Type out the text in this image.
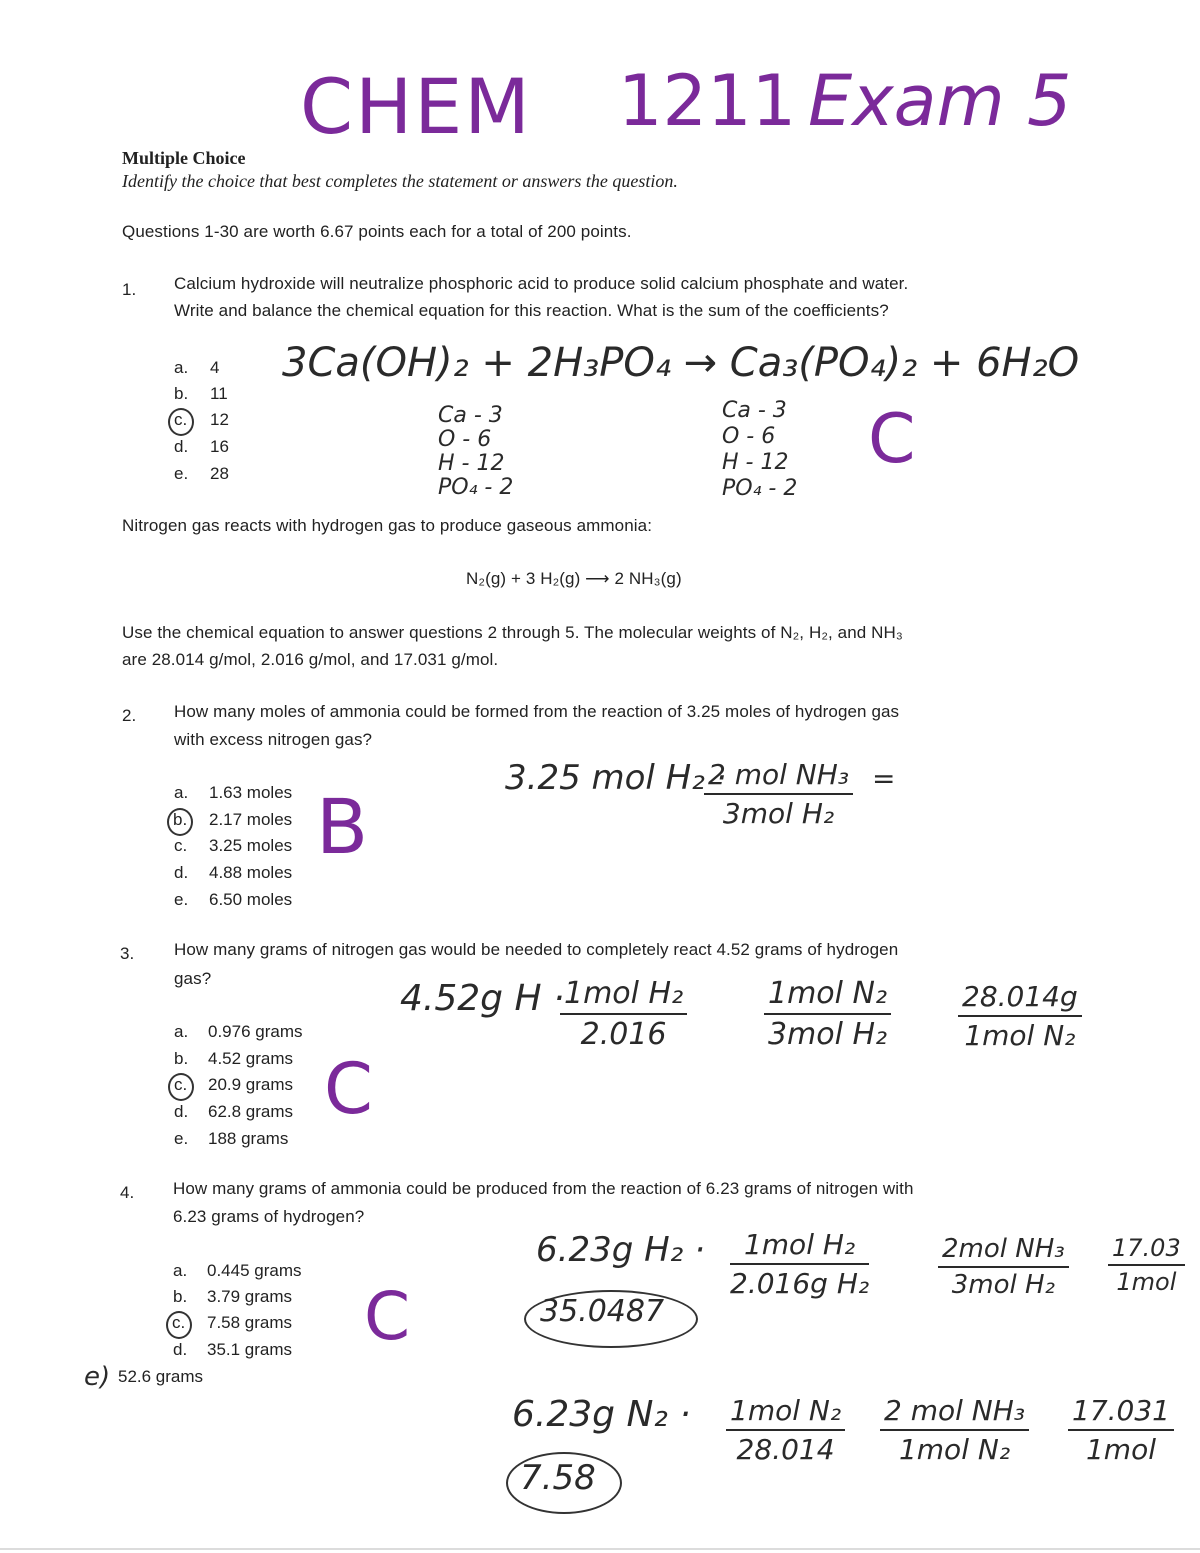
CHEM 1211 Exam 5
Multiple Choice
Identify the choice that best completes the statement or answers the question.
Questions 1-30 are worth 6.67 points each for a total of 200 points.
1. Calcium hydroxide will neutralize phosphoric acid to produce solid calcium phosphate and water.
Write and balance the chemical equation for this reaction. What is the sum of the coefficients?
a. 4
b. 11
c. 12
d. 16
e. 28
3Ca(OH)₂ + 2H₃PO₄ → Ca₃(PO₄)₂ + 6H₂O
Ca - 3
O - 6
H - 12
PO₄ - 2
Ca - 3
O - 6
H - 12
PO₄ - 2
C
Nitrogen gas reacts with hydrogen gas to produce gaseous ammonia:
N₂(g) + 3 H₂(g) ⟶ 2 NH₃(g)
Use the chemical equation to answer questions 2 through 5. The molecular weights of N₂, H₂, and NH₃
are 28.014 g/mol, 2.016 g/mol, and 17.031 g/mol.
2. How many moles of ammonia could be formed from the reaction of 3.25 moles of hydrogen gas
with excess nitrogen gas?
a. 1.63 moles
b. 2.17 moles
c. 3.25 moles
d. 4.88 moles
e. 6.50 moles
3.25 mol H₂ ·
2 mol NH₃
3mol H₂
=
B
3. How many grams of nitrogen gas would be needed to completely react 4.52 grams of hydrogen
gas?
a. 0.976 grams
b. 4.52 grams
c. 20.9 grams
d. 62.8 grams
e. 188 grams
4.52g H · 1mol H₂
2.016
1mol N₂
3mol H₂
28.014g
1mol N₂
C
4. How many grams of ammonia could be produced from the reaction of 6.23 grams of nitrogen with
6.23 grams of hydrogen?
a. 0.445 grams
b. 3.79 grams
c. 7.58 grams
d. 35.1 grams
e) 52.6 grams
C
6.23g H₂ ·	1mol H₂
2.016g H₂
2mol NH₃
3mol H₂
17.03
1mol
35.0487
6.23g N₂ · 1mol N₂
28.014
2 mol NH₃
1mol N₂
17.031
1mol
7.58
